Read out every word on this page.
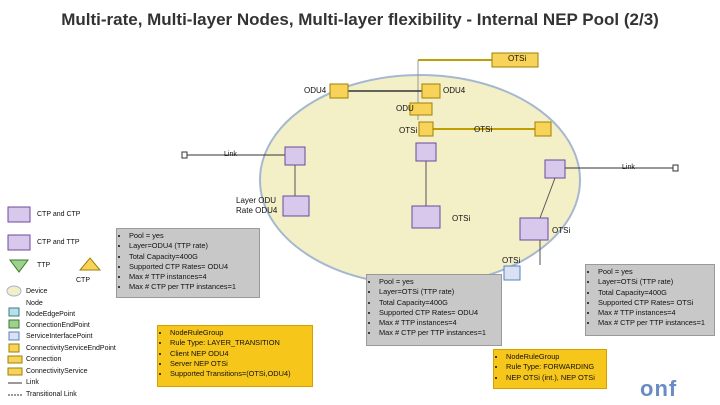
Multi-rate, Multi-layer Nodes, Multi-layer flexibility - Internal NEP Pool (2/3)
OTSi
ODU4	ODU4
ODU
OTSi	OTSi
Link
Link
Layer ODU
Rate ODU4
OTSi
OTSi
OTSi
CTP and CTP
CTP and TTP
TTP
CTP
Device
Node
NodeEdgePoint
ConnectionEndPoint
ServiceInterfacePoint
ConnectivityServiceEndPoint
Connection
ConnectivityService
Link
Transitional Link
• Pool = yes
• Layer=ODU4 (TTP rate)
• Total Capacity=400G
• Supported CTP Rates= ODU4
• Max # TTP instances=4
• Max # CTP per TTP instances=1
• Pool = yes
• Layer=OTSi (TTP rate)
• Total Capacity=400G
• Supported CTP Rates= ODU4
• Max # TTP instances=4
• Max # CTP per TTP instances=1
• Pool = yes
• Layer=OTSi (TTP rate)
• Total Capacity=400G
• Supported CTP Rates= OTSi
• Max # TTP instances=4
• Max # CTP per TTP instances=1
• NodeRuleGroup
• Rule Type: LAYER_TRANSITION
• Client NEP ODU4
• Server NEP OTSi
• Supported Transitions=(OTSi,ODU4)
• NodeRuleGroup
• Rule Type: FORWARDING
• NEP OTSi (int.), NEP OTSi	onf
